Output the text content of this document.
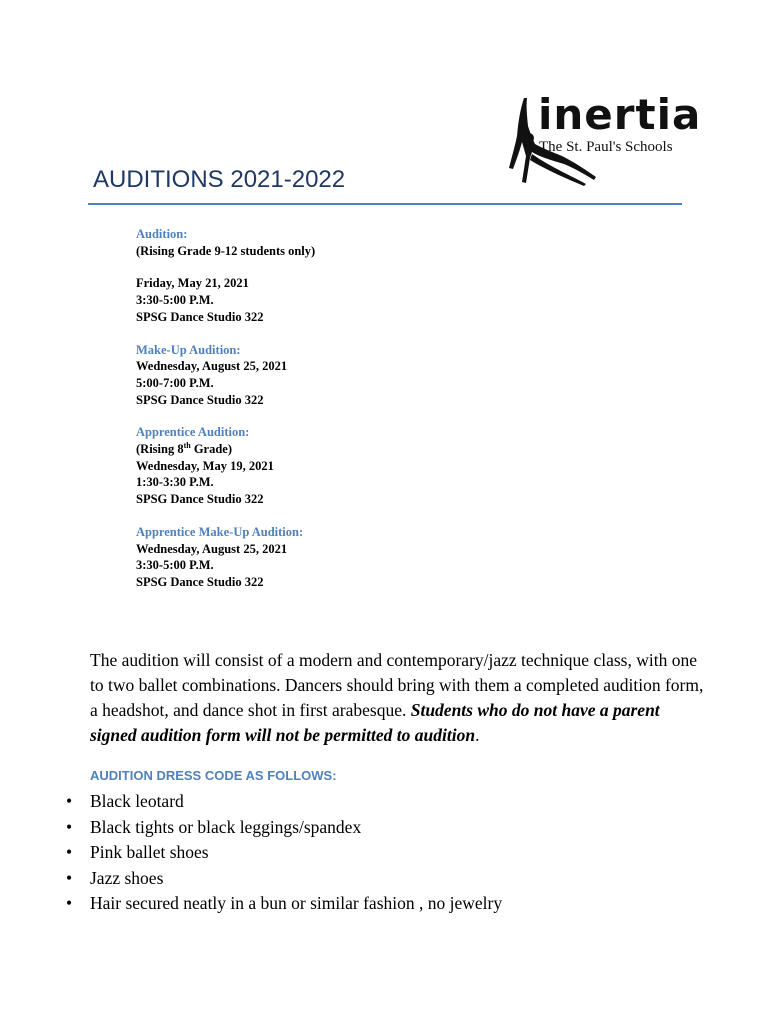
inertia
The St. Paul's Schools
AUDITIONS 2021-2022
Audition:
(Rising Grade 9-12 students only)
Friday, May 21, 2021
3:30-5:00 P.M.
SPSG Dance Studio 322
Make-Up Audition:
Wednesday, August 25, 2021
5:00-7:00 P.M.
SPSG Dance Studio 322
Apprentice Audition:
(Rising 8th Grade)
Wednesday, May 19, 2021
1:30-3:30 P.M.
SPSG Dance Studio 322
Apprentice Make-Up Audition:
Wednesday, August 25, 2021
3:30-5:00 P.M.
SPSG Dance Studio 322

The audition will consist of a modern and contemporary/jazz technique class, with one to two ballet combinations. Dancers should bring with them a completed audition form, a headshot, and dance shot in first arabesque. Students who do not have a parent signed audition form will not be permitted to audition.

AUDITION DRESS CODE AS FOLLOWS:
• Black leotard
• Black tights or black leggings/spandex
• Pink ballet shoes
• Jazz shoes
• Hair secured neatly in a bun or similar fashion , no jewelry
